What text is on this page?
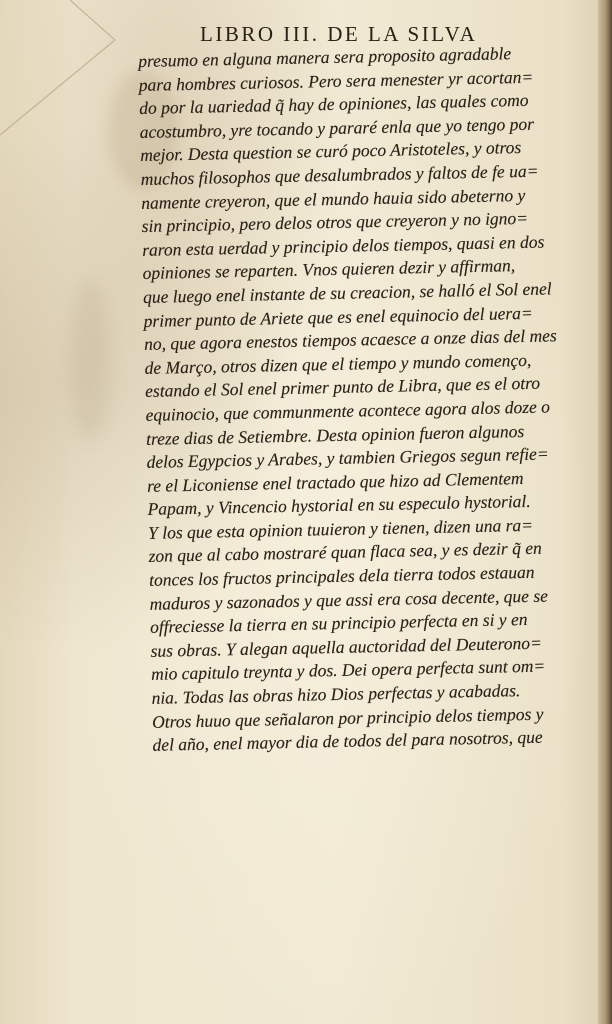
LIBRO III. DE LA SILVA
presumo en alguna manera sera proposito agradable
para hombres curiosos. Pero sera menester yr acortan=
do por la uariedad q̃ hay de opiniones, las quales como
acostumbro, yre tocando y pararé enla que yo tengo por
mejor. Desta question se curó poco Aristoteles, y otros
muchos filosophos que desalumbrados y faltos de fe ua=
namente creyeron, que el mundo hauia sido abeterno y
sin principio, pero delos otros que creyeron y no igno=
raron esta uerdad y principio delos tiempos, quasi en dos
opiniones se reparten. Vnos quieren dezir y affirman,
que luego enel instante de su creacion, se halló el Sol enel
primer punto de Ariete que es enel equinocio del uera=
no, que agora enestos tiempos acaesce a onze dias del mes
de Março, otros dizen que el tiempo y mundo començo,
estando el Sol enel primer punto de Libra, que es el otro
equinocio, que communmente acontece agora alos doze o
treze dias de Setiembre. Desta opinion fueron algunos
delos Egypcios y Arabes, y tambien Griegos segun refie=
re el Liconiense enel tractado que hizo ad Clementem
Papam, y Vincencio hystorial en su especulo hystorial.
Y los que esta opinion tuuieron y tienen, dizen una ra=
zon que al cabo mostraré quan flaca sea, y es dezir q̃ en
tonces los fructos principales dela tierra todos estauan
maduros y sazonados y que assi era cosa decente, que se
offreciesse la tierra en su principio perfecta en si y en
sus obras. Y alegan aquella auctoridad del Deuterono=
mio capitulo treynta y dos. Dei opera perfecta sunt om=
nia. Todas las obras hizo Dios perfectas y acabadas.
Otros huuo que señalaron por principio delos tiempos y
del año, enel mayor dia de todos del para nosotros, que
